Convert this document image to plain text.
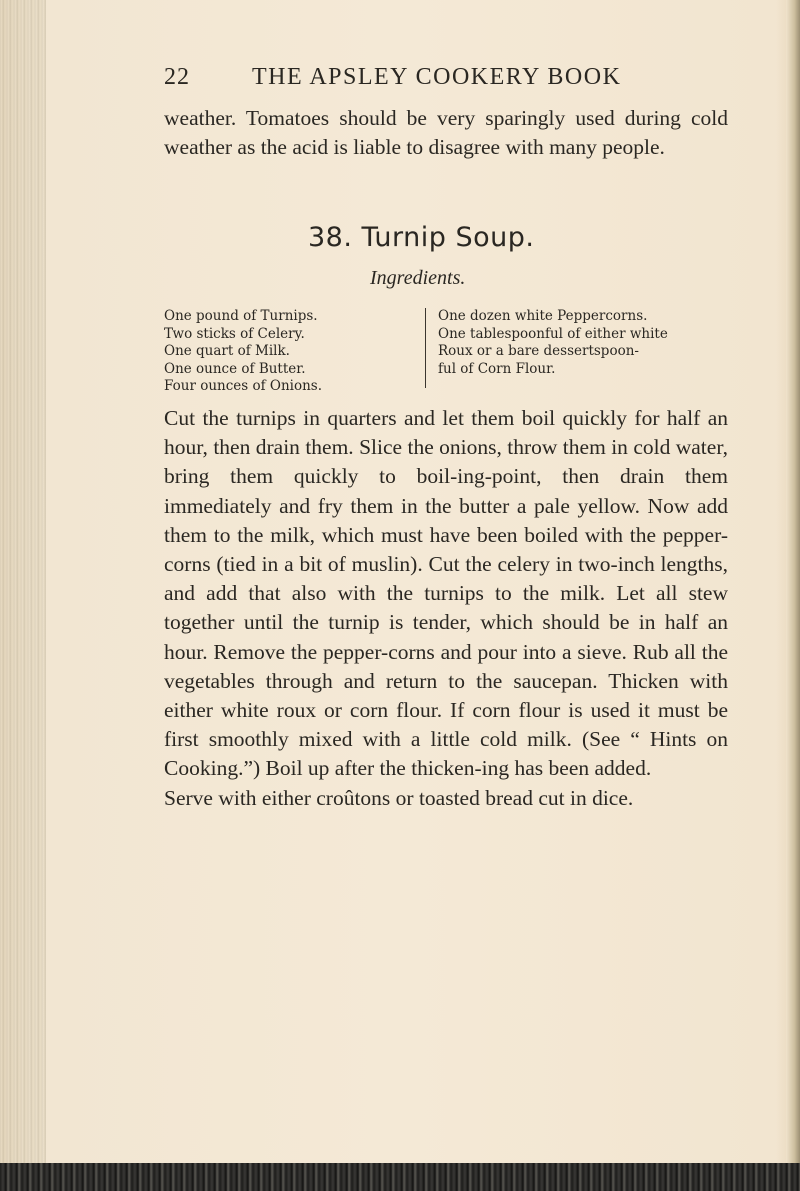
22	THE APSLEY COOKERY BOOK
weather. Tomatoes should be very sparingly used during cold weather as the acid is liable to disagree with many people.
38. Turnip Soup.
Ingredients.
One pound of Turnips.
Two sticks of Celery.
One quart of Milk.
One ounce of Butter.
Four ounces of Onions.
One dozen white Peppercorns.
One tablespoonful of either white
Roux or a bare dessertspoon-
ful of Corn Flour.

Cut the turnips in quarters and let them boil quickly for half an hour, then drain them. Slice the onions, throw them in cold water, bring them quickly to boil-ing-point, then drain them immediately and fry them in the butter a pale yellow. Now add them to the milk, which must have been boiled with the pepper-corns (tied in a bit of muslin). Cut the celery in two-inch lengths, and add that also with the turnips to the milk. Let all stew together until the turnip is tender, which should be in half an hour. Remove the pepper-corns and pour into a sieve. Rub all the vegetables through and return to the saucepan. Thicken with either white roux or corn flour. If corn flour is used it must be first smoothly mixed with a little cold milk. (See “ Hints on Cooking.”) Boil up after the thicken-ing has been added.

Serve with either croûtons or toasted bread cut in dice.
